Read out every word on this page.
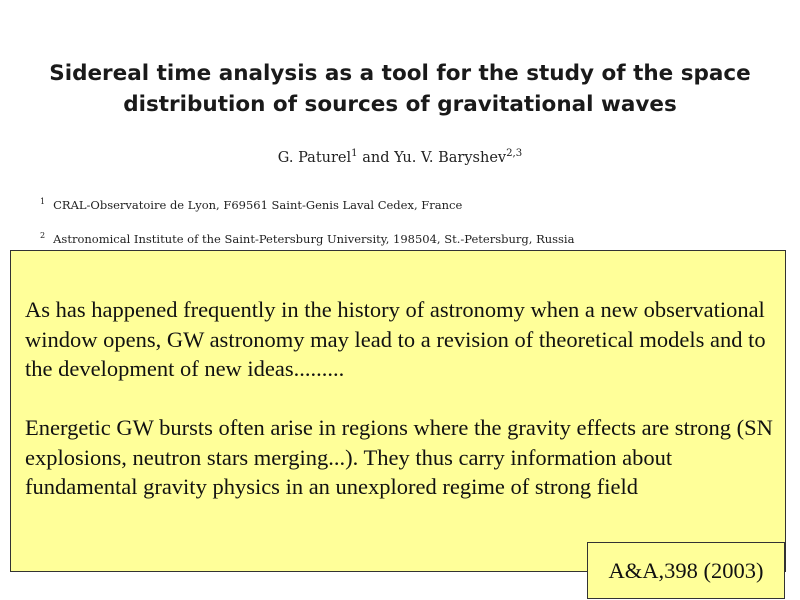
Sidereal time analysis as a tool for the study of the space distribution of sources of gravitational waves
G. Paturel$^1$ and Yu. V. Baryshev$^{2,3}$
$^1$ CRAL-Observatoire de Lyon, F69561 Saint-Genis Laval Cedex, France
$^2$ Astronomical Institute of the Saint-Petersburg University, 198504, St.-Petersburg, Russia

As has happened frequently in the history of astronomy when a new observational window opens, GW astronomy may lead to a revision of theoretical models and to the development of new ideas.........

Energetic GW bursts often arise in regions where the gravity effects are strong (SN explosions, neutron stars merging...). They thus carry information about fundamental gravity physics in an unexplored regime of strong field

A&A,398 (2003)
